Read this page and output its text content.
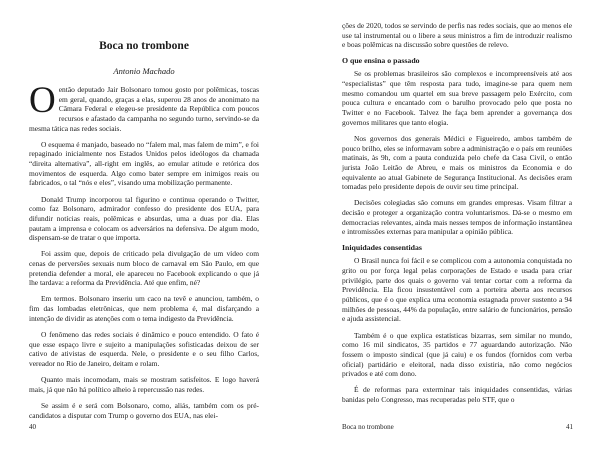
Boca no trombone
Antonio Machado

O então deputado Jair Bolsonaro tomou gosto por polêmicas, toscas em geral, quando, graças a elas, superou 28 anos de anonimato na Câmara Federal e elegeu-se presidente da República com poucos recursos e afastado da campanha no segundo turno, servindo-se da mesma tática nas redes sociais.

O esquema é manjado, baseado no “falem mal, mas falem de mim”, e foi repaginado inicialmente nos Estados Unidos pelos ideólogos da chamada “direita alternativa”, all-right em inglês, ao emular atitude e retórica dos movimentos de esquerda. Algo como bater sempre em inimigos reais ou fabricados, o tal “nós e eles”, visando uma mobilização permanente.

Donald Trump incorporou tal figurino e continua operando o Twitter, como faz Bolsonaro, admirador confesso do presidente dos EUA, para difundir notícias reais, polêmicas e absurdas, uma a duas por dia. Elas pautam a imprensa e colocam os adversários na defensiva. De algum modo, dispensam-se de tratar o que importa.

Foi assim que, depois de criticado pela divulgação de um vídeo com cenas de perversões sexuais num bloco de carnaval em São Paulo, em que pretendia defender a moral, ele apareceu no Facebook explicando o que já lhe tardava: a reforma da Previdência. Até que enfim, né?

Em termos. Bolsonaro inseriu um caco na tevê e anunciou, também, o fim das lombadas eletrônicas, que nem problema é, mal disfarçando a intenção de dividir as atenções com o tema indigesto da Previdência.

O fenômeno das redes sociais é dinâmico e pouco entendido. O fato é que esse espaço livre e sujeito a manipulações sofisticadas deixou de ser cativo de ativistas de esquerda. Nele, o presidente e o seu filho Carlos, vereador no Rio de Janeiro, deitam e rolam.

Quanto mais incomodam, mais se mostram satisfeitos. E logo haverá mais, já que não há político alheio à repercussão nas redes.

Se assim é e será com Bolsonaro, como, aliás, também com os pré-candidatos a disputar com Trump o governo dos EUA, nas elei-

40

ções de 2020, todos se servindo de perfis nas redes sociais, que ao menos ele use tal instrumental ou o libere a seus ministros a fim de introduzir realismo e boas polêmicas na discussão sobre questões de relevo.

O que ensina o passado

Se os problemas brasileiros são complexos e incompreensíveis até aos “especialistas” que têm resposta para tudo, imagine-se para quem nem mesmo comandou um quartel em sua breve passagem pelo Exército, com pouca cultura e encantado com o barulho provocado pelo que posta no Twitter e no Facebook. Talvez lhe faça bem aprender a governança dos governos militares que tanto elogia.

Nos governos dos generais Médici e Figueiredo, ambos também de pouco brilho, eles se informavam sobre a administração e o país em reuniões matinais, às 9h, com a pauta conduzida pelo chefe da Casa Civil, o então jurista João Leitão de Abreu, e mais os ministros da Economia e do equivalente ao atual Gabinete de Segurança Institucional. As decisões eram tomadas pelo presidente depois de ouvir seu time principal.

Decisões colegiadas são comuns em grandes empresas. Visam filtrar a decisão e proteger a organização contra voluntarismos. Dá-se o mesmo em democracias relevantes, ainda mais nesses tempos de informação instantânea e intromissões externas para manipular a opinião pública.

Iniquidades consentidas

O Brasil nunca foi fácil e se complicou com a autonomia conquistada no grito ou por força legal pelas corporações de Estado e usada para criar privilégio, parte dos quais o governo vai tentar cortar com a reforma da Previdência. Ela ficou insustentável com a porteira aberta aos recursos públicos, que é o que explica uma economia estagnada prover sustento a 94 milhões de pessoas, 44% da população, entre salário de funcionários, pensão e ajuda assistencial.

Também é o que explica estatísticas bizarras, sem similar no mundo, como 16 mil sindicatos, 35 partidos e 77 aguardando autorização. Não fossem o imposto sindical (que já caiu) e os fundos (fornidos com verba oficial) partidário e eleitoral, nada disso existiria, não como negócios privados e até com dono.

É de reformas para exterminar tais iniquidades consentidas, várias banidas pelo Congresso, mas recuperadas pelo STF, que o

Boca no trombone	41
